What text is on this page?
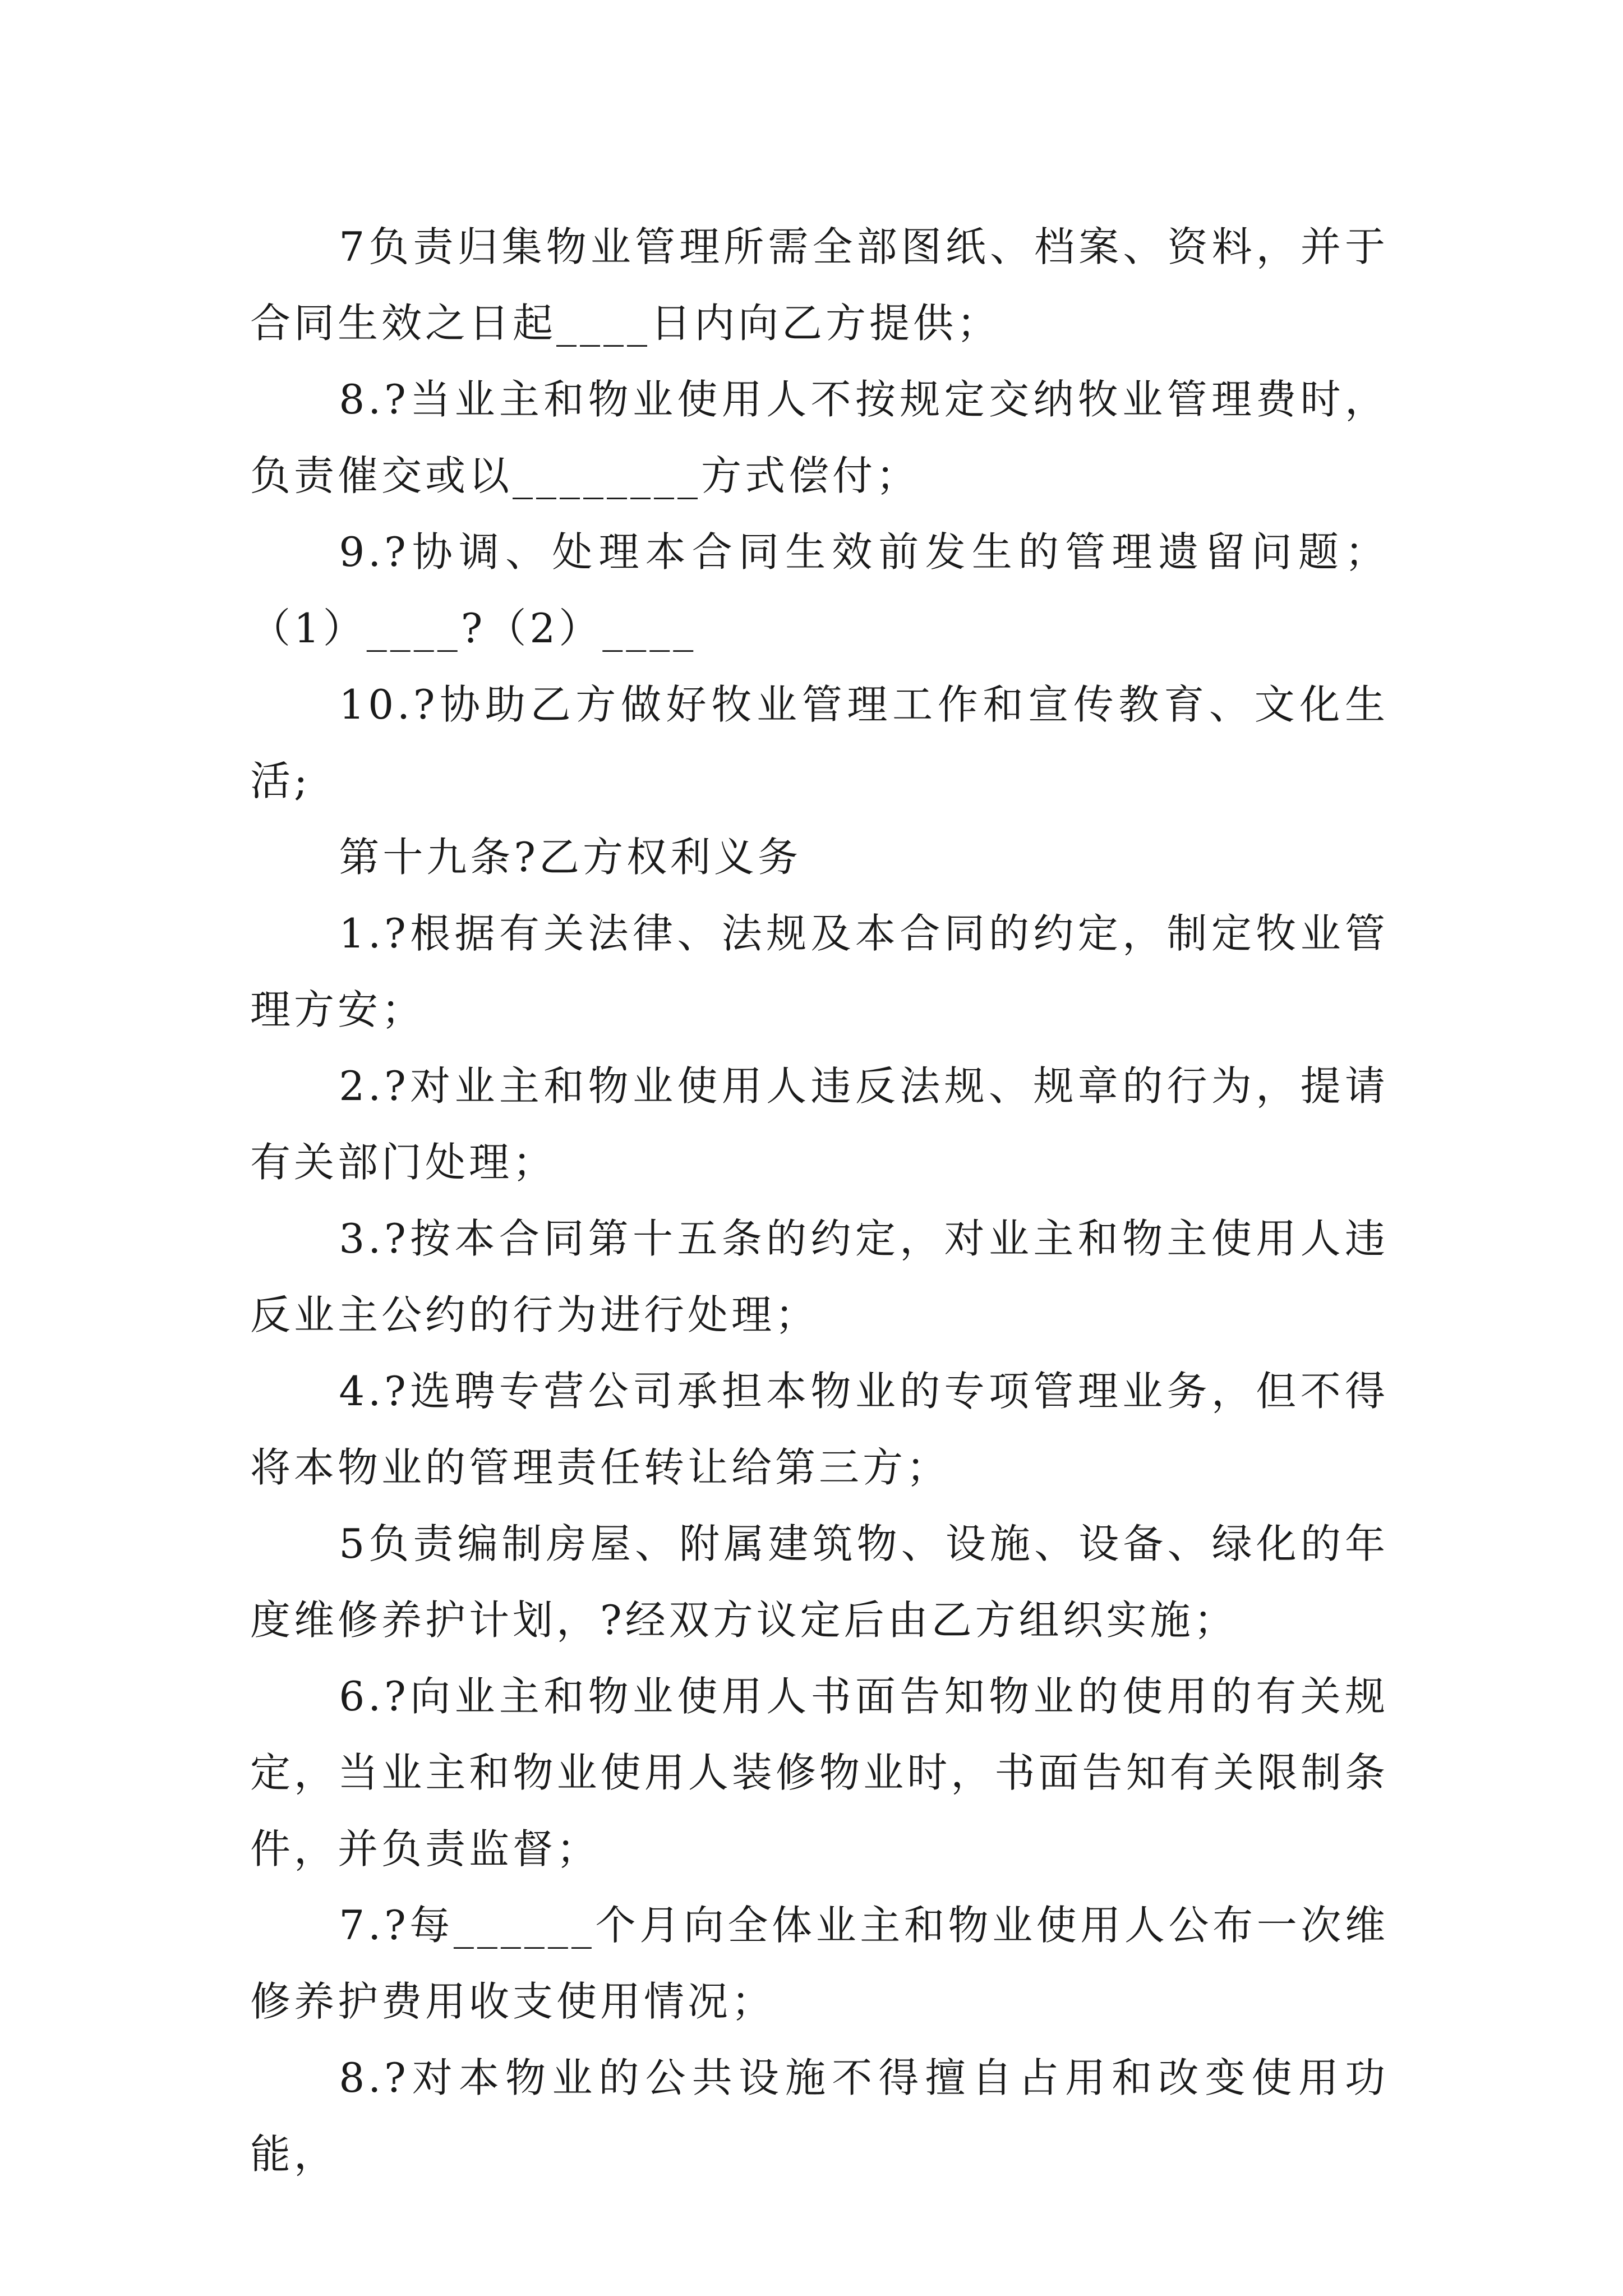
7负责归集物业管理所需全部图纸、档案、资料，并于合同生效之日起____日内向乙方提供；

8.?当业主和物业使用人不按规定交纳牧业管理费时，负责催交或以________方式偿付；

9.?协调、处理本合同生效前发生的管理遗留问题；（1）____?（2）____

10.?协助乙方做好牧业管理工作和宣传教育、文化生活;

第十九条?乙方权利义务

1.?根据有关法律、法规及本合同的约定，制定牧业管理方安；

2.?对业主和物业使用人违反法规、规章的行为，提请有关部门处理；

3.?按本合同第十五条的约定，对业主和物主使用人违反业主公约的行为进行处理；

4.?选聘专营公司承担本物业的专项管理业务，但不得将本物业的管理责任转让给第三方；

5负责编制房屋、附属建筑物、设施、设备、绿化的年度维修养护计划，?经双方议定后由乙方组织实施；

6.?向业主和物业使用人书面告知物业的使用的有关规定，当业主和物业使用人装修物业时，书面告知有关限制条件，并负责监督；

7.?每______个月向全体业主和物业使用人公布一次维修养护费用收支使用情况；

8.?对本物业的公共设施不得擅自占用和改变使用功能，
